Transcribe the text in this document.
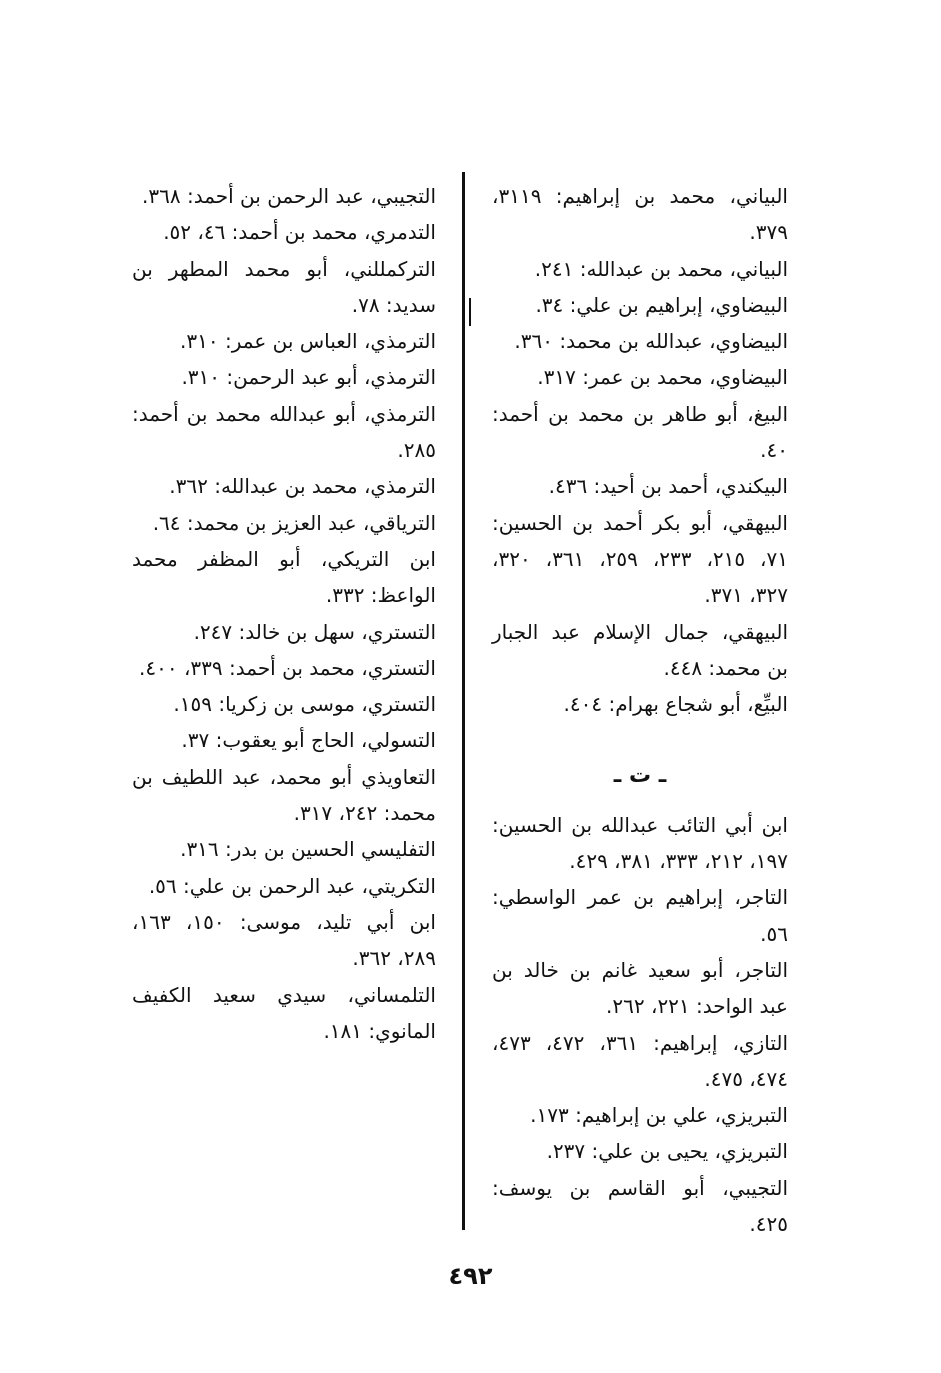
البياني، محمد بن إبراهيم: ٣١١٩، ٣٧٩.

البياني، محمد بن عبدالله: ٢٤١.

البيضاوي، إبراهيم بن علي: ٣٤.

البيضاوي، عبدالله بن محمد: ٣٦٠.

البيضاوي، محمد بن عمر: ٣١٧.

البيغ، أبو طاهر بن محمد بن أحمد: ٤٠.

البيكندي، أحمد بن أحيد: ٤٣٦.

البيهقي، أبو بكر أحمد بن الحسين: ٧١، ٢١٥، ٢٣٣، ٢٥٩، ٣٦١، ٣٢٠، ٣٢٧، ٣٧١.

البيهقي، جمال الإسلام عبد الجبار بن محمد: ٤٤٨.

البيِّع، أبو شجاع بهرام: ٤٠٤.

ـ ت ـ

ابن أبي التائب عبدالله بن الحسين: ١٩٧، ٢١٢، ٣٣٣، ٣٨١، ٤٢٩.

التاجر، إبراهيم بن عمر الواسطي: ٥٦.

التاجر، أبو سعيد غانم بن خالد بن عبد الواحد: ٢٢١، ٢٦٢.

التازي، إبراهيم: ٣٦١، ٤٧٢، ٤٧٣، ٤٧٤، ٤٧٥.

التبريزي، علي بن إبراهيم: ١٧٣.

التبريزي، يحيى بن علي: ٢٣٧.

التجيبي، أبو القاسم بن يوسف: ٤٢٥.

التجيبي، عبد الرحمن بن أحمد: ٣٦٨.

التدمري، محمد بن أحمد: ٤٦، ٥٢.

التركمللني، أبو محمد المطهر بن سديد: ٧٨.

الترمذي، العباس بن عمر: ٣١٠.

الترمذي، أبو عبد الرحمن: ٣١٠.

الترمذي، أبو عبدالله محمد بن أحمد: ٢٨٥.

الترمذي، محمد بن عبدالله: ٣٦٢.

الترياقي، عبد العزيز بن محمد: ٦٤.

ابن التريكي، أبو المظفر محمد الواعظ: ٣٣٢.

التستري، سهل بن خالد: ٢٤٧.

التستري، محمد بن أحمد: ٣٣٩، ٤٠٠.

التستري، موسى بن زكريا: ١٥٩.

التسولي، الحاج أبو يعقوب: ٣٧.

التعاويذي أبو محمد، عبد اللطيف بن محمد: ٢٤٢، ٣١٧.

التفليسي الحسين بن بدر: ٣١٦.

التكريتي، عبد الرحمن بن علي: ٥٦.

ابن أبي تليد، موسى: ١٥٠، ١٦٣، ٢٨٩، ٣٦٢.

التلمساني، سيدي سعيد الكفيف المانوي: ١٨١.

٤٩٢
